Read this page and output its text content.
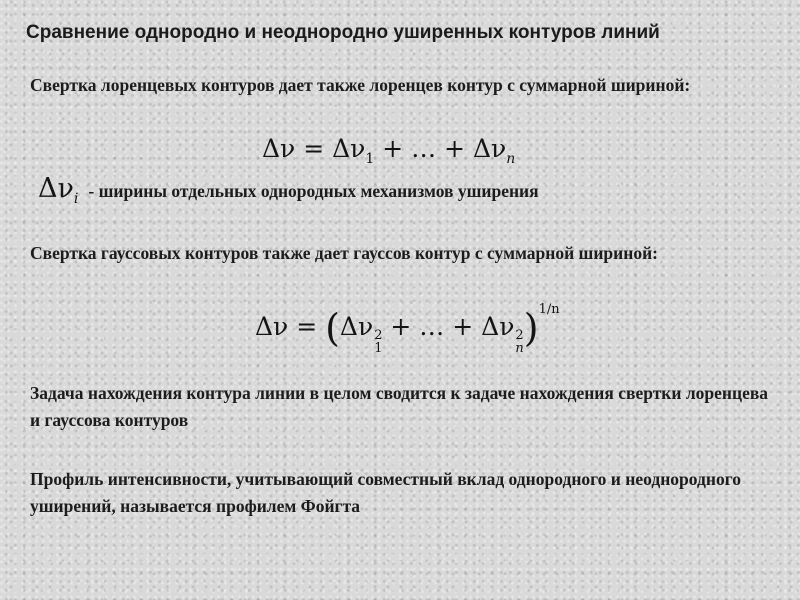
Сравнение однородно и неоднородно уширенных контуров линий
Свертка лоренцевых контуров дает также лоренцев контур с суммарной шириной:
$\Delta\nu = \Delta\nu_1$ + … + $\Delta\nu_n$
$\Delta\nu_i$ - ширины отдельных однородных механизмов уширения
Свертка гауссовых контуров также дает гауссов контур с суммарной шириной:
Δν = (Δν 2
1
+ … + Δν 2
n )$^{1/n}$
Задача нахождения контура линии в целом сводится к задаче нахождения свертки лоренцева и гауссова контуров
Профиль интенсивности, учитывающий совместный вклад однородного и неоднородного уширений, называется профилем Фойгта
